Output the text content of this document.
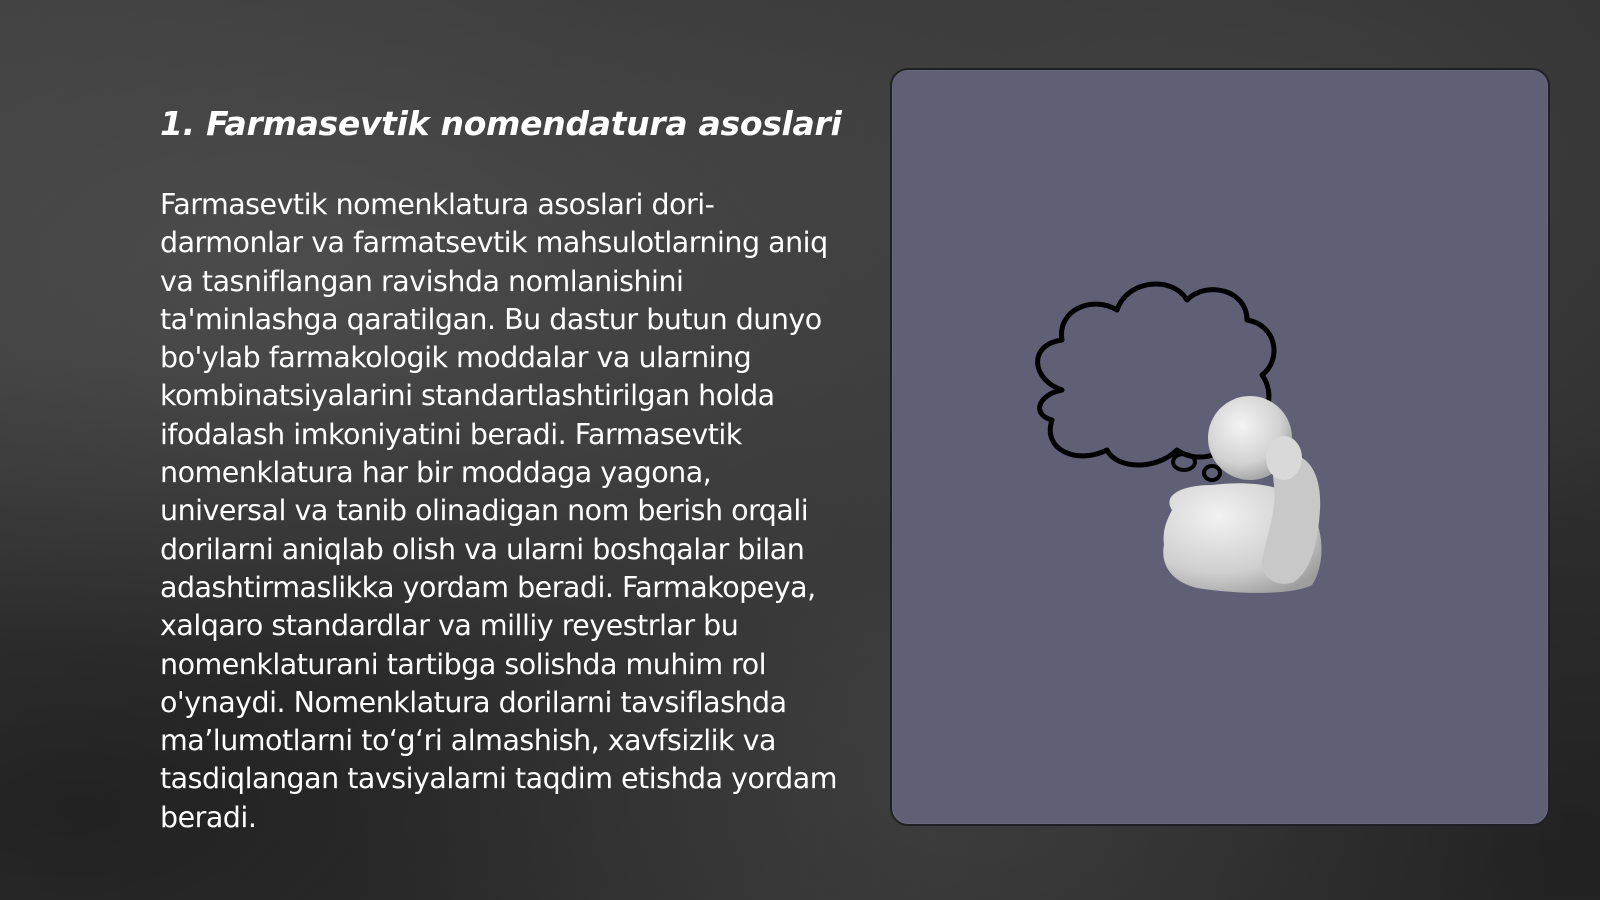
1. Farmasevtik nomendatura asoslari

Farmasevtik nomenklatura asoslari dori-darmonlar va farmatsevtik mahsulotlarning aniq va tasniflangan ravishda nomlanishini ta'minlashga qaratilgan. Bu dastur butun dunyo bo'ylab farmakologik moddalar va ularning kombinatsiyalarini standartlashtirilgan holda ifodalash imkoniyatini beradi. Farmasevtik nomenklatura har bir moddaga yagona, universal va tanib olinadigan nom berish orqali dorilarni aniqlab olish va ularni boshqalar bilan adashtirmaslikka yordam beradi. Farmakopeya, xalqaro standardlar va milliy reyestrlar bu nomenklaturani tartibga solishda muhim rol o'ynaydi. Nomenklatura dorilarni tavsiflashda ma’lumotlarni to‘g‘ri almashish, xavfsizlik va tasdiqlangan tavsiyalarni taqdim etishda yordam beradi.
